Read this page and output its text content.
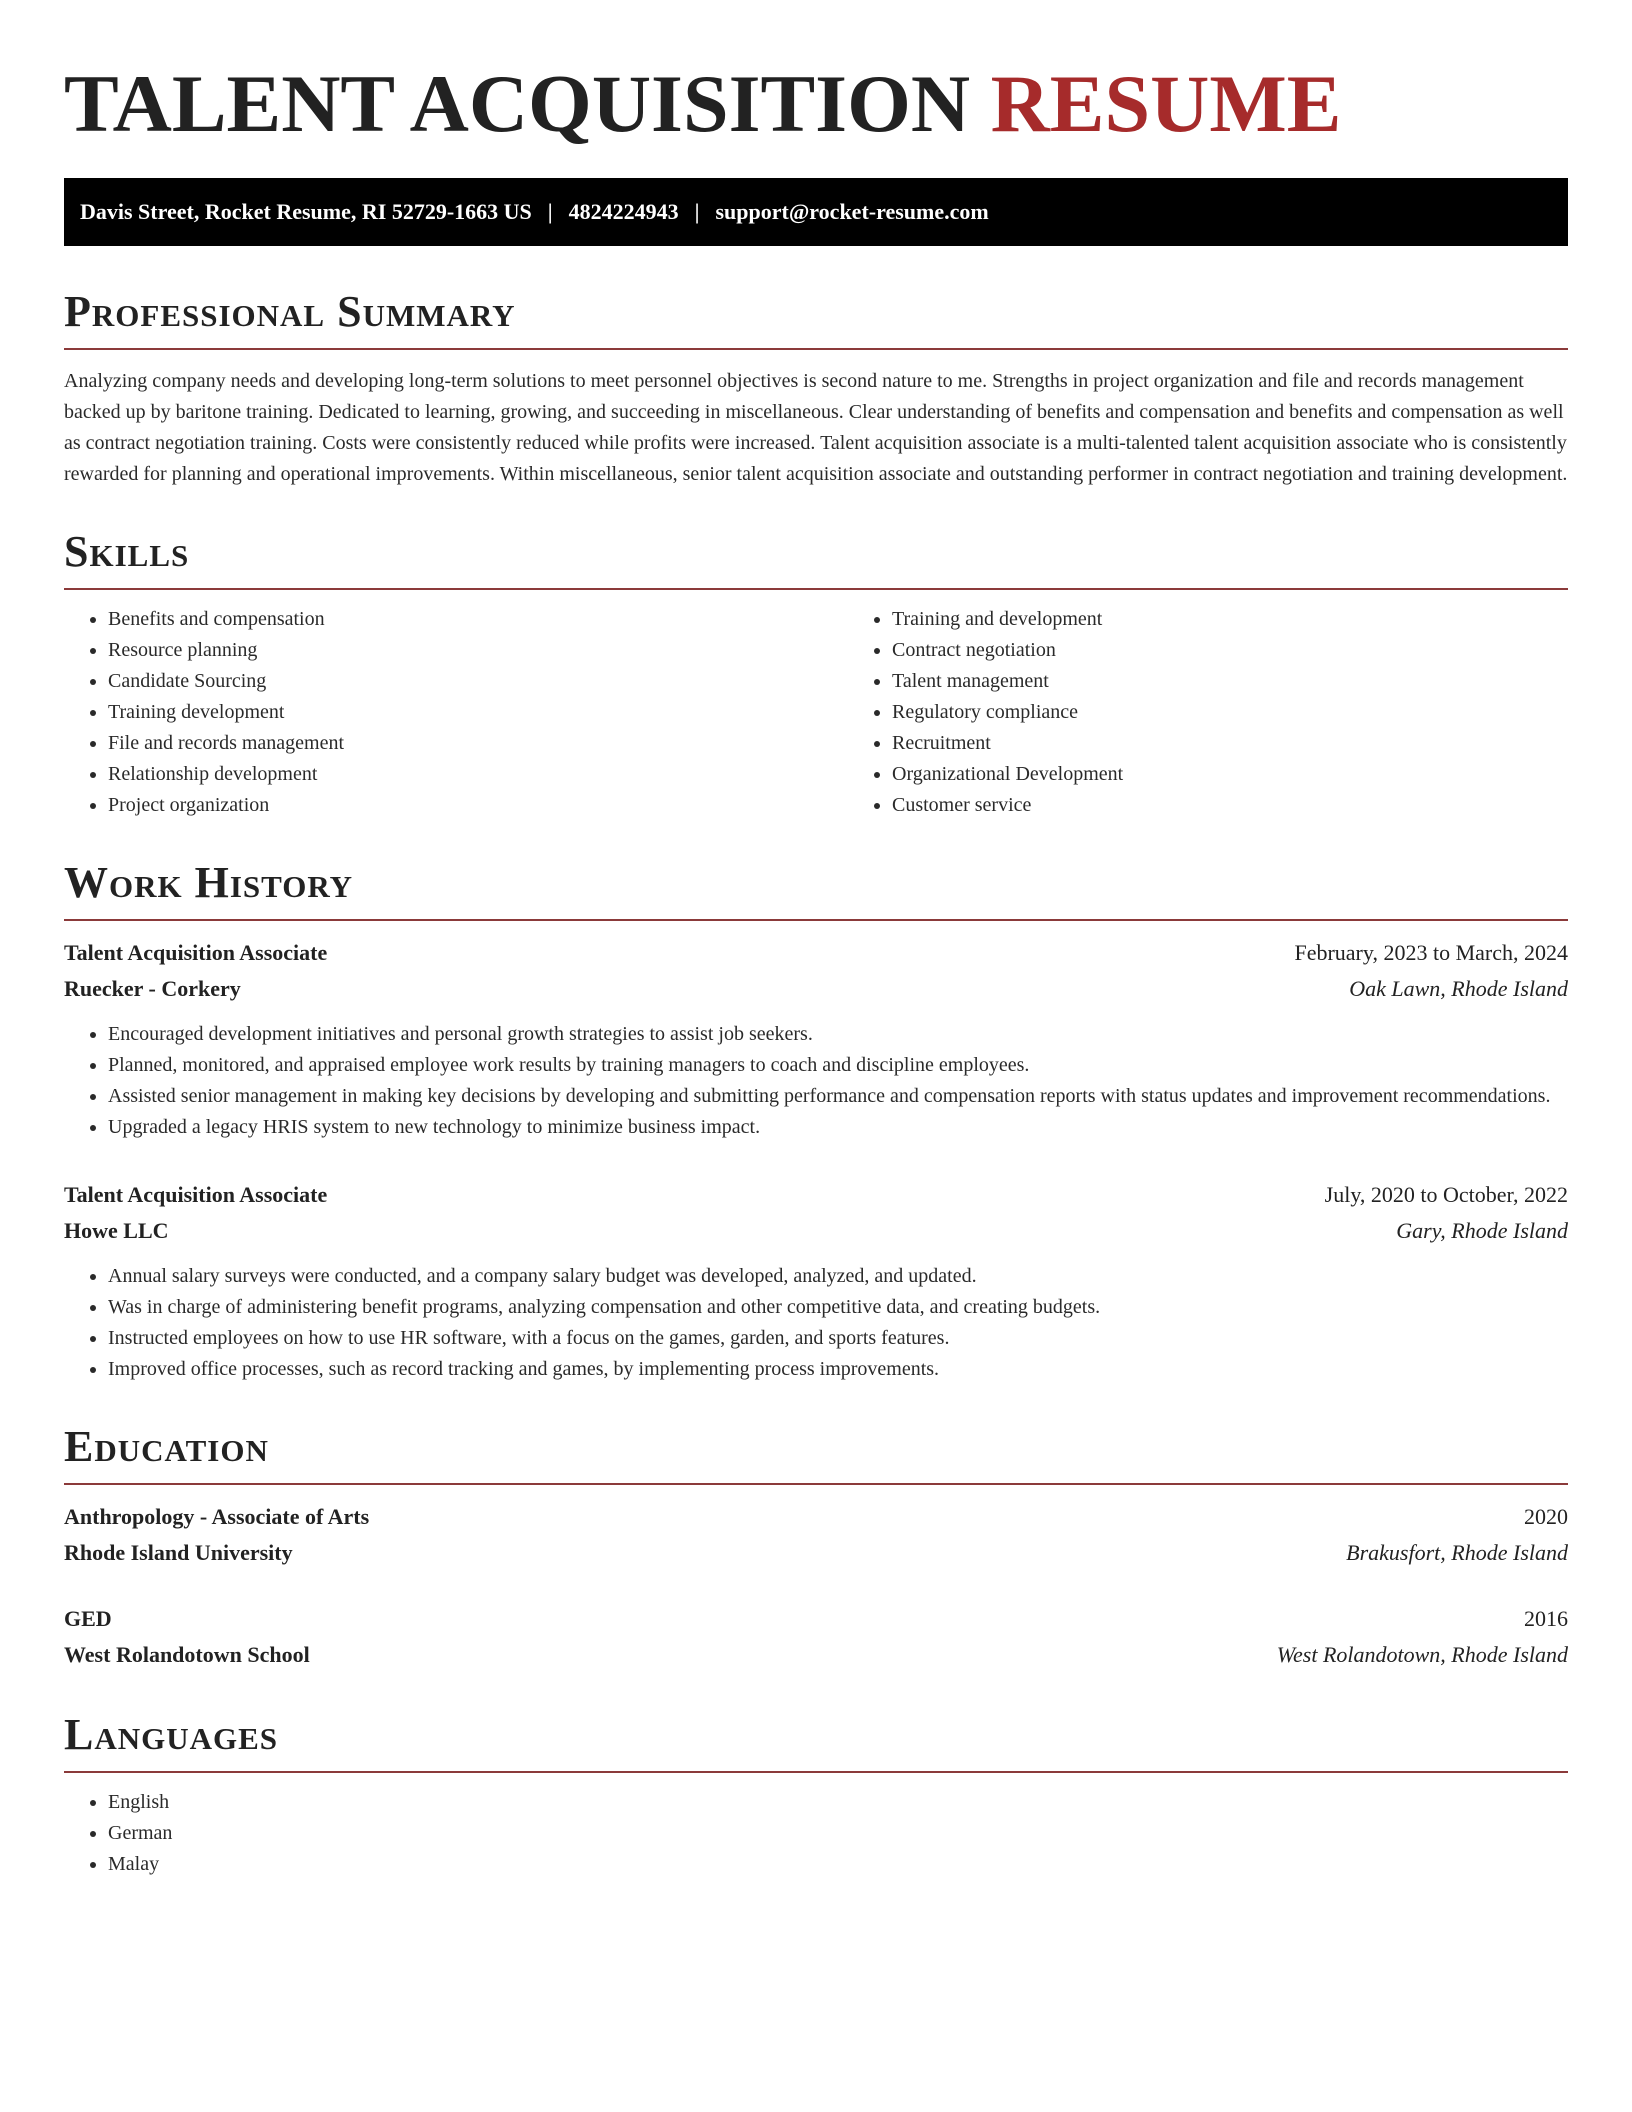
TALENT ACQUISITION RESUME
Davis Street, Rocket Resume, RI 52729-1663 US | 4824224943 | support@rocket-resume.com
Professional Summary

Analyzing company needs and developing long-term solutions to meet personnel objectives is second nature to me. Strengths in project organization and file and records management backed up by baritone training. Dedicated to learning, growing, and succeeding in miscellaneous. Clear understanding of benefits and compensation and benefits and compensation as well as contract negotiation training. Costs were consistently reduced while profits were increased. Talent acquisition associate is a multi-talented talent acquisition associate who is consistently rewarded for planning and operational improvements. Within miscellaneous, senior talent acquisition associate and outstanding performer in contract negotiation and training development.

Skills
• Benefits and compensation
• Resource planning
• Candidate Sourcing
• Training development
• File and records management
• Relationship development
• Project organization
• Training and development
• Contract negotiation
• Talent management
• Regulatory compliance
• Recruitment
• Organizational Development
• Customer service
Work History
Talent Acquisition Associate	February, 2023 to March, 2024
Ruecker - Corkery	Oak Lawn, Rhode Island
• Encouraged development initiatives and personal growth strategies to assist job seekers.
• Planned, monitored, and appraised employee work results by training managers to coach and discipline employees.
• Assisted senior management in making key decisions by developing and submitting performance and compensation reports with status updates and improvement recommendations.
• Upgraded a legacy HRIS system to new technology to minimize business impact.
Talent Acquisition Associate	July, 2020 to October, 2022
Howe LLC	Gary, Rhode Island
• Annual salary surveys were conducted, and a company salary budget was developed, analyzed, and updated.
• Was in charge of administering benefit programs, analyzing compensation and other competitive data, and creating budgets.
• Instructed employees on how to use HR software, with a focus on the games, garden, and sports features.
• Improved office processes, such as record tracking and games, by implementing process improvements.
Education
Anthropology - Associate of Arts	2020
Rhode Island University	Brakusfort, Rhode Island
GED	2016
West Rolandotown School	West Rolandotown, Rhode Island
Languages
• English
• German
• Malay
